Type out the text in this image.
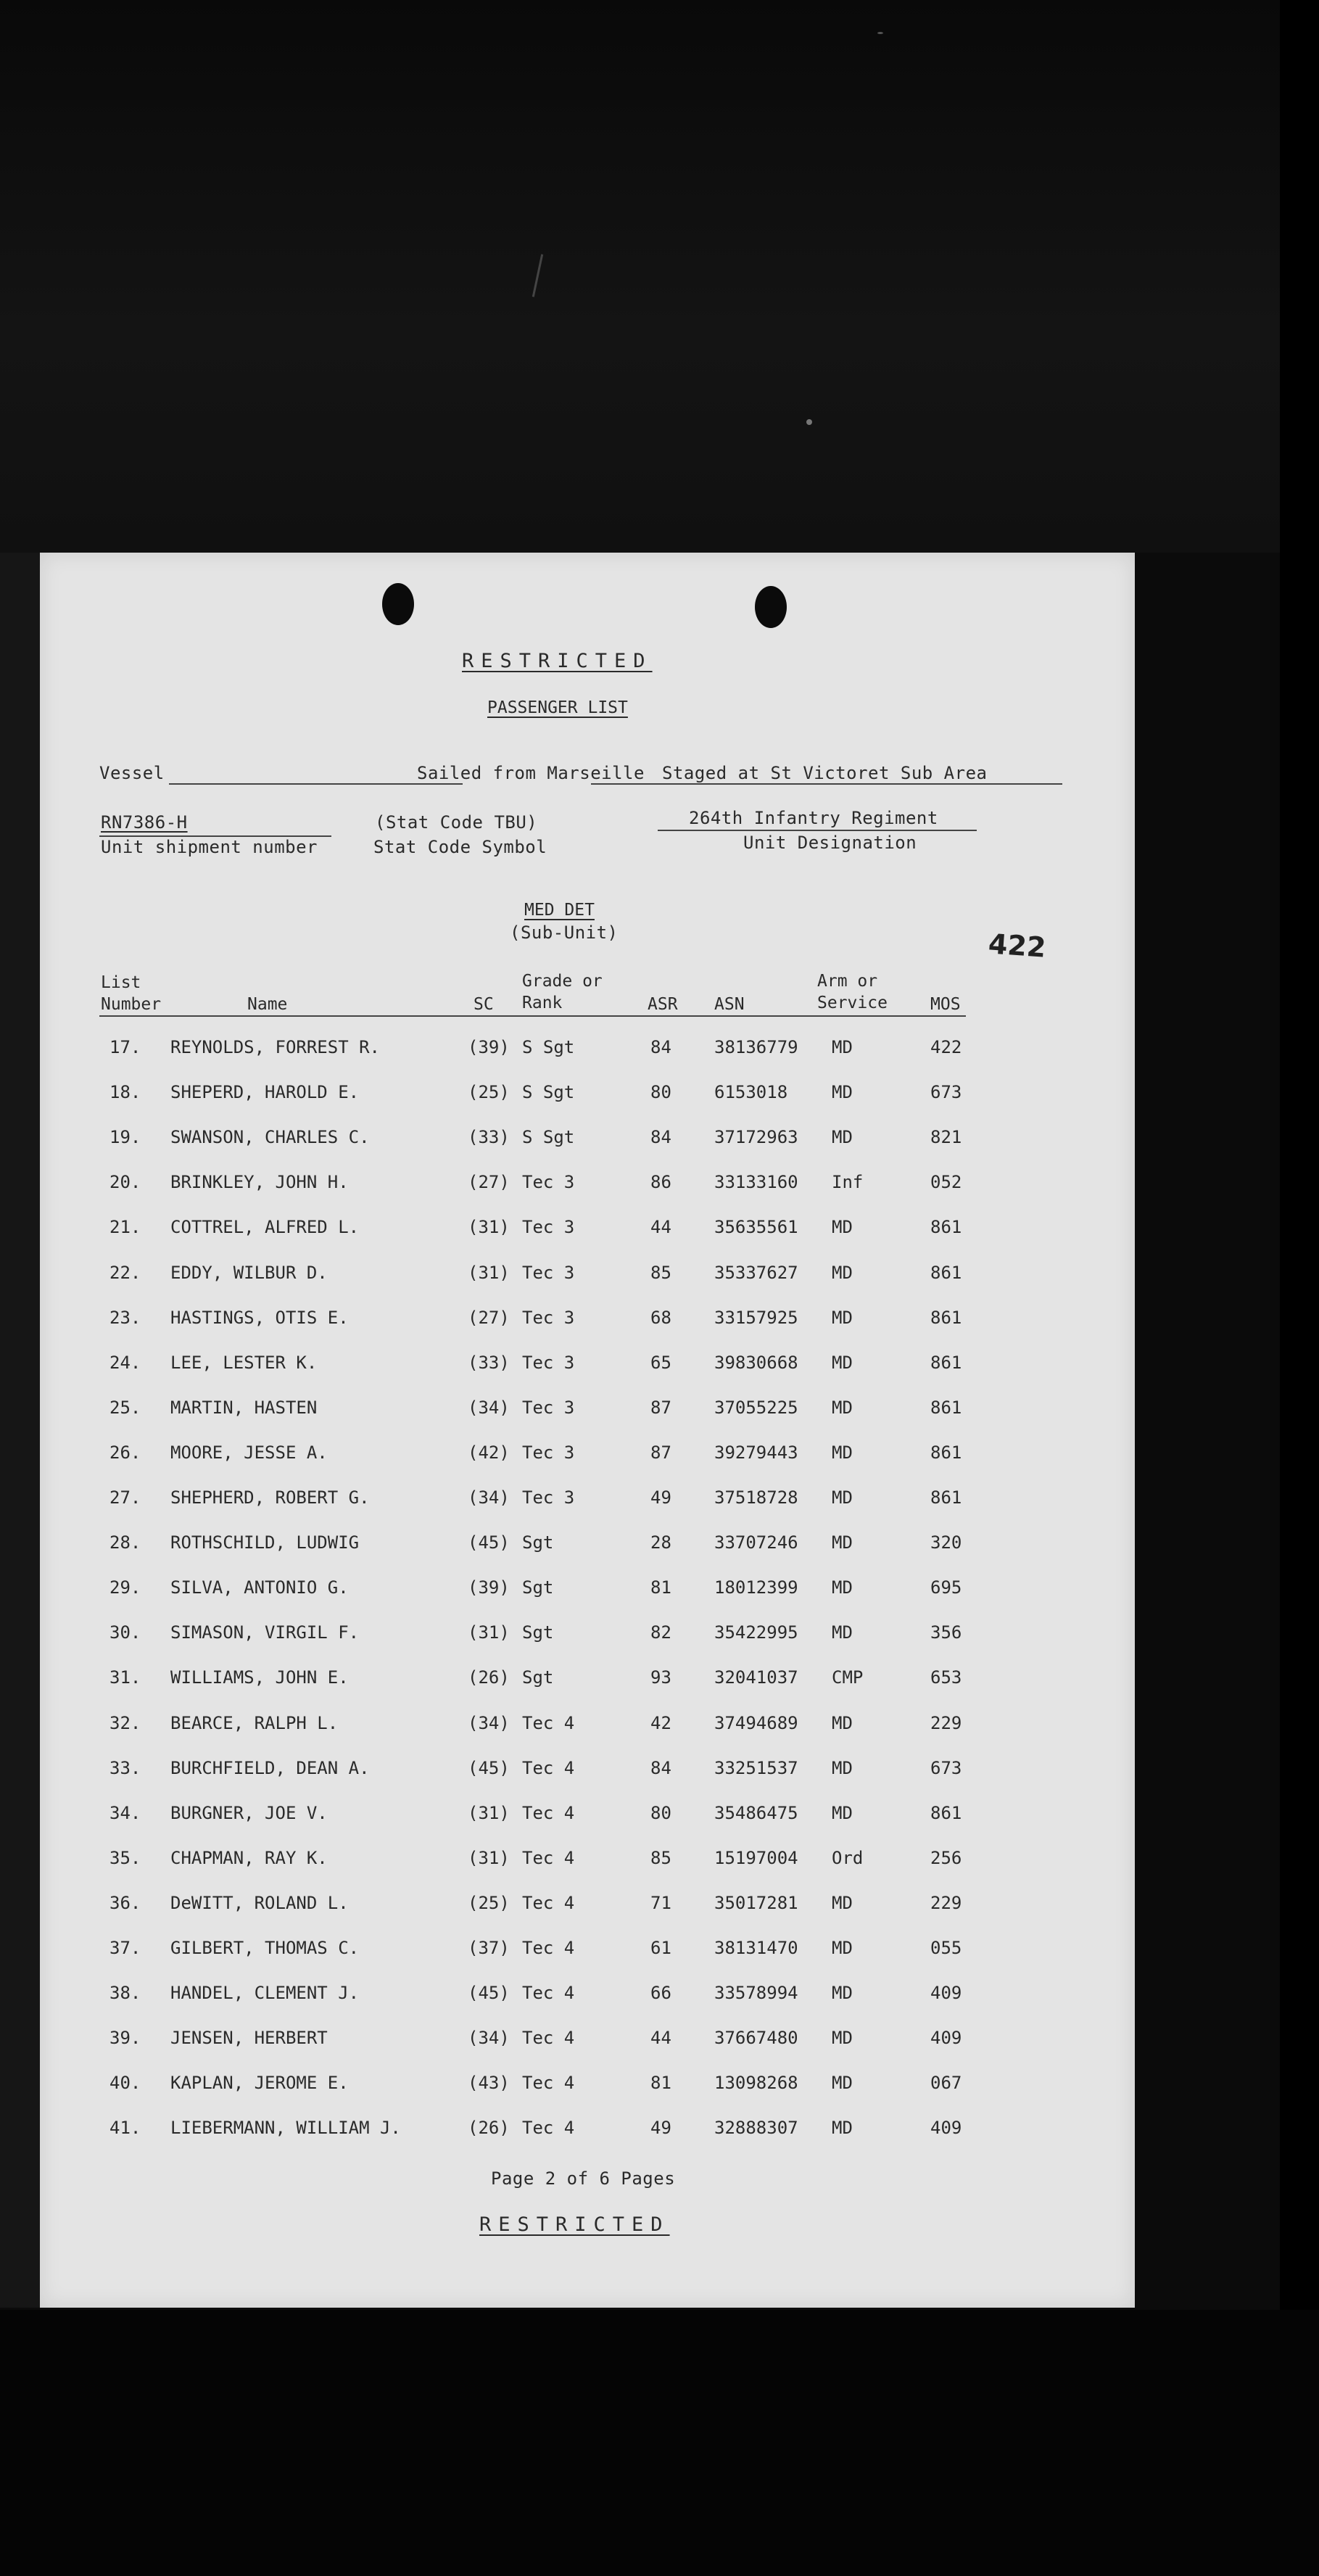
RESTRICTED
PASSENGER LIST
Vessel	Sailed from Marseille Staged at St Victoret Sub Area
RN7386-H
Unit shipment number
(Stat Code TBU)
Stat Code Symbol
264th Infantry Regiment
Unit Designation
MED DET
(Sub-Unit)	422
List
Number	Name	SC
Grade or
Rank	ASR ASN
Arm or
Service	MOS
17. REYNOLDS, FORREST R.	(39) S Sgt	84 38136779 MD	422
18. SHEPERD, HAROLD E.	(25) S Sgt	80 6153018	MD	673
19. SWANSON, CHARLES C.	(33) S Sgt	84 37172963 MD	821
20. BRINKLEY, JOHN H.	(27) Tec 3	86 33133160 Inf	052
21. COTTREL, ALFRED L.	(31) Tec 3	44 35635561 MD	861
22. EDDY, WILBUR D.	(31) Tec 3	85 35337627 MD	861
23. HASTINGS, OTIS E.	(27) Tec 3	68 33157925 MD	861
24. LEE, LESTER K.	(33) Tec 3	65 39830668 MD	861
25. MARTIN, HASTEN	(34) Tec 3	87 37055225 MD	861
26. MOORE, JESSE A.	(42) Tec 3	87 39279443 MD	861
27. SHEPHERD, ROBERT G.	(34) Tec 3	49 37518728 MD	861
28. ROTHSCHILD, LUDWIG	(45) Sgt	28 33707246 MD	320
29. SILVA, ANTONIO G.	(39) Sgt	81 18012399 MD	695
30. SIMASON, VIRGIL F.	(31) Sgt	82 35422995 MD	356
31. WILLIAMS, JOHN E.	(26) Sgt	93 32041037 CMP	653
32. BEARCE, RALPH L.	(34) Tec 4	42 37494689 MD	229
33. BURCHFIELD, DEAN A.	(45) Tec 4	84 33251537 MD	673
34. BURGNER, JOE V.	(31) Tec 4	80 35486475 MD	861
35. CHAPMAN, RAY K.	(31) Tec 4	85 15197004 Ord	256
36. DeWITT, ROLAND L.	(25) Tec 4	71 35017281 MD	229
37. GILBERT, THOMAS C.	(37) Tec 4	61 38131470 MD	055
38. HANDEL, CLEMENT J.	(45) Tec 4	66 33578994 MD	409
39. JENSEN, HERBERT	(34) Tec 4	44 37667480 MD	409
40. KAPLAN, JEROME E.	(43) Tec 4	81 13098268 MD	067
41. LIEBERMANN, WILLIAM J.	(26) Tec 4	49 32888307 MD	409
Page 2 of 6 Pages
RESTRICTED
